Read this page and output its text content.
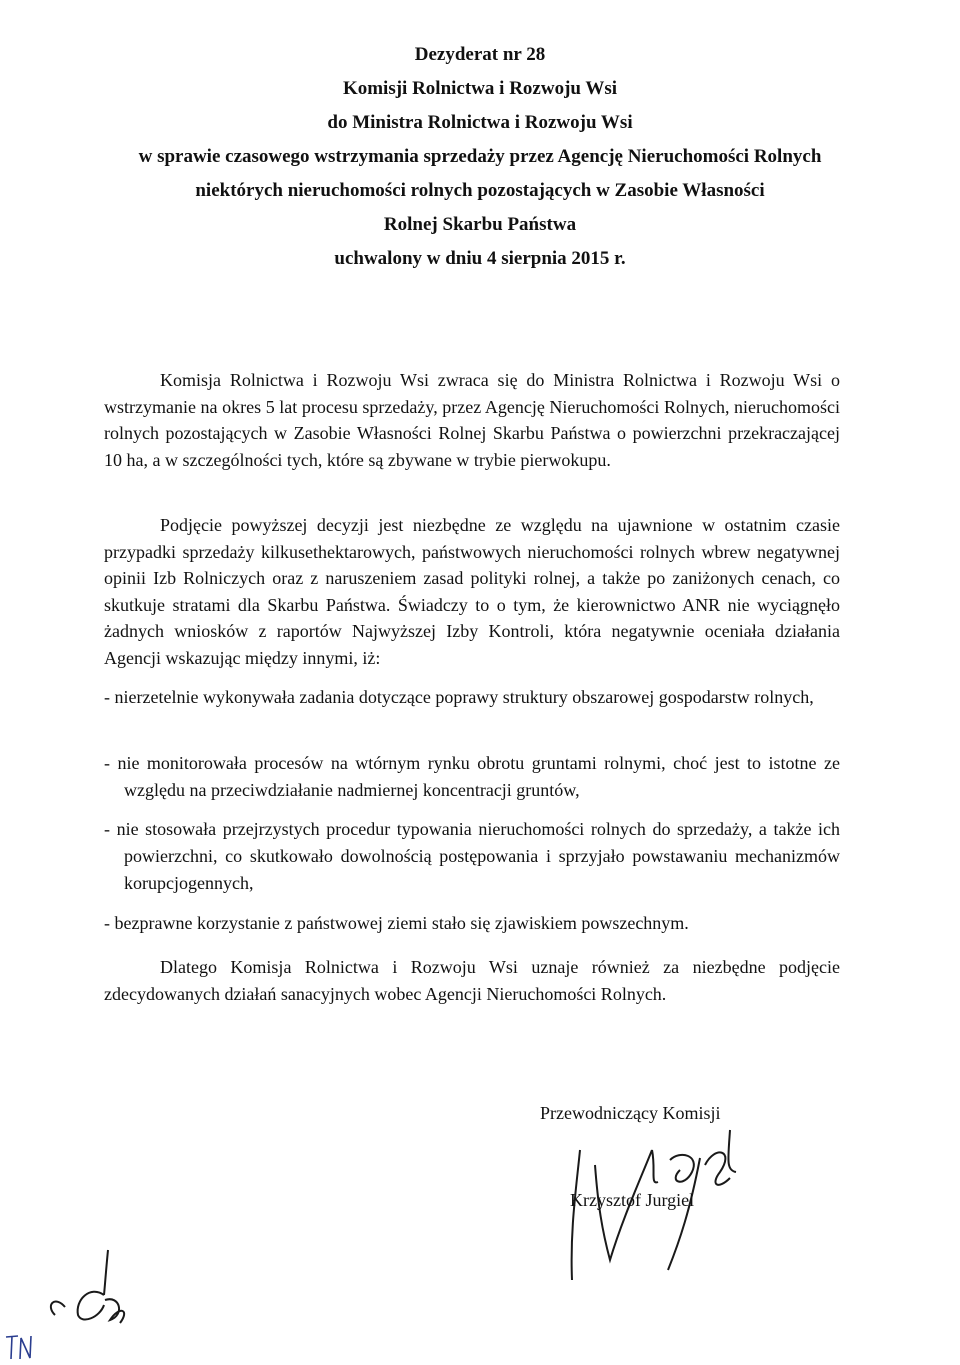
Dezyderat nr 28
Komisji Rolnictwa i Rozwoju Wsi
do Ministra Rolnictwa i Rozwoju Wsi
w sprawie czasowego wstrzymania sprzedaży przez Agencję Nieruchomości Rolnych
niektórych nieruchomości rolnych pozostających w Zasobie Własności
Rolnej Skarbu Państwa
uchwalony w dniu 4 sierpnia 2015 r.
Komisja Rolnictwa i Rozwoju Wsi zwraca się do Ministra Rolnictwa i Rozwoju Wsi o wstrzymanie na okres 5 lat procesu sprzedaży, przez Agencję Nieruchomości Rolnych, nieruchomości rolnych pozostających w Zasobie Własności Rolnej Skarbu Państwa o powierzchni przekraczającej 10 ha, a w szczególności tych, które są zbywane w trybie pierwokupu.
Podjęcie powyższej decyzji jest niezbędne ze względu na ujawnione w ostatnim czasie przypadki sprzedaży kilkusethektarowych, państwowych nieruchomości rolnych wbrew negatywnej opinii Izb Rolniczych oraz z naruszeniem zasad polityki rolnej, a także po zaniżonych cenach, co skutkuje stratami dla Skarbu Państwa. Świadczy to o tym, że kierownictwo ANR nie wyciągnęło żadnych wniosków z raportów Najwyższej Izby Kontroli, która negatywnie oceniała działania Agencji wskazując między innymi, iż:
- nierzetelnie wykonywała zadania dotyczące poprawy struktury obszarowej gospodarstw rolnych,
- nie monitorowała procesów na wtórnym rynku obrotu gruntami rolnymi, choć jest to istotne ze względu na przeciwdziałanie nadmiernej koncentracji gruntów,
- nie stosowała przejrzystych procedur typowania nieruchomości rolnych do sprzedaży, a także ich powierzchni, co skutkowało dowolnością postępowania i sprzyjało powstawaniu mechanizmów korupcjogennych,
- bezprawne korzystanie z państwowej ziemi stało się zjawiskiem powszechnym.
Dlatego Komisja Rolnictwa i Rozwoju Wsi uznaje również za niezbędne podjęcie zdecydowanych działań sanacyjnych wobec Agencji Nieruchomości Rolnych.
Przewodniczący Komisji
Krzysztof Jurgiel
